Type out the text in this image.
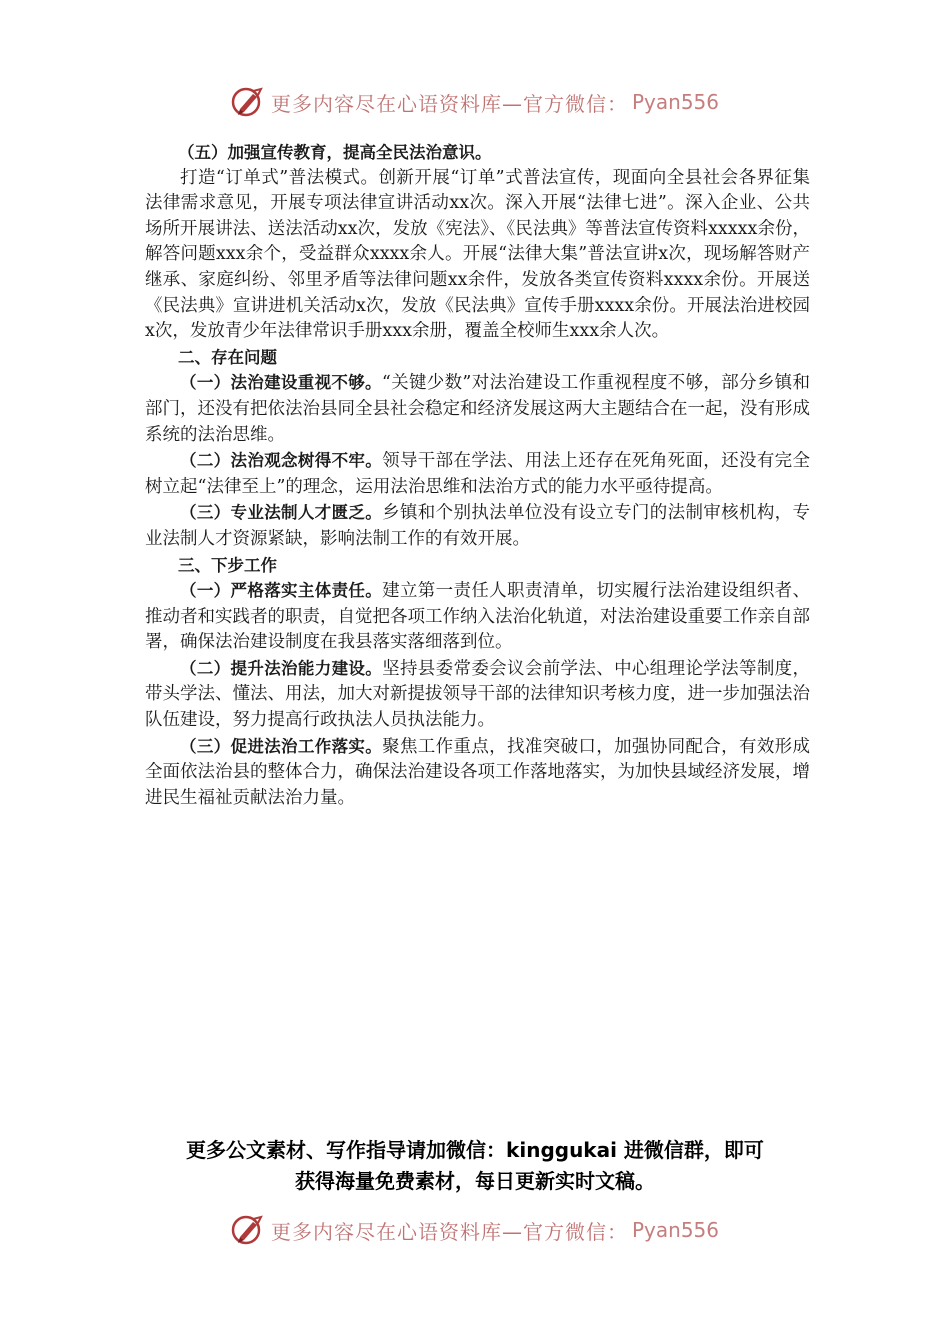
更多内容尽在心语资料库—官方微信： Pyan556

（五）加强宣传教育，提高全民法治意识。

打造“订单式”普法模式。创新开展“订单”式普法宣传，现面向全县社会各界征集法律需求意见，开展专项法律宣讲活动xx次。深入开展“法律七进”。深入企业、公共场所开展讲法、送法活动xx次，发放《宪法》、《民法典》等普法宣传资料xxxxx余份，解答问题xxx余个，受益群众xxxx余人。开展“法律大集”普法宣讲x次，现场解答财产继承、家庭纠纷、邻里矛盾等法律问题xx余件，发放各类宣传资料xxxx余份。开展送《民法典》宣讲进机关活动x次，发放《民法典》宣传手册xxxx余份。开展法治进校园x次，发放青少年法律常识手册xxx余册，覆盖全校师生xxx余人次。

二、存在问题

（一）法治建设重视不够。“关键少数”对法治建设工作重视程度不够，部分乡镇和部门，还没有把依法治县同全县社会稳定和经济发展这两大主题结合在一起，没有形成系统的法治思维。

（二）法治观念树得不牢。领导干部在学法、用法上还存在死角死面，还没有完全树立起“法律至上”的理念，运用法治思维和法治方式的能力水平亟待提高。

（三）专业法制人才匮乏。乡镇和个别执法单位没有设立专门的法制审核机构，专业法制人才资源紧缺，影响法制工作的有效开展。

三、下步工作

（一）严格落实主体责任。建立第一责任人职责清单，切实履行法治建设组织者、推动者和实践者的职责，自觉把各项工作纳入法治化轨道，对法治建设重要工作亲自部署，确保法治建设制度在我县落实落细落到位。

（二）提升法治能力建设。坚持县委常委会议会前学法、中心组理论学法等制度，带头学法、懂法、用法，加大对新提拔领导干部的法律知识考核力度，进一步加强法治队伍建设，努力提高行政执法人员执法能力。

（三）促进法治工作落实。聚焦工作重点，找准突破口，加强协同配合，有效形成全面依法治县的整体合力，确保法治建设各项工作落地落实，为加快县域经济发展，增进民生福祉贡献法治力量。

更多公文素材、写作指导请加微信：kinggukai 进微信群，即可
获得海量免费素材，每日更新实时文稿。
更多内容尽在心语资料库—官方微信： Pyan556
